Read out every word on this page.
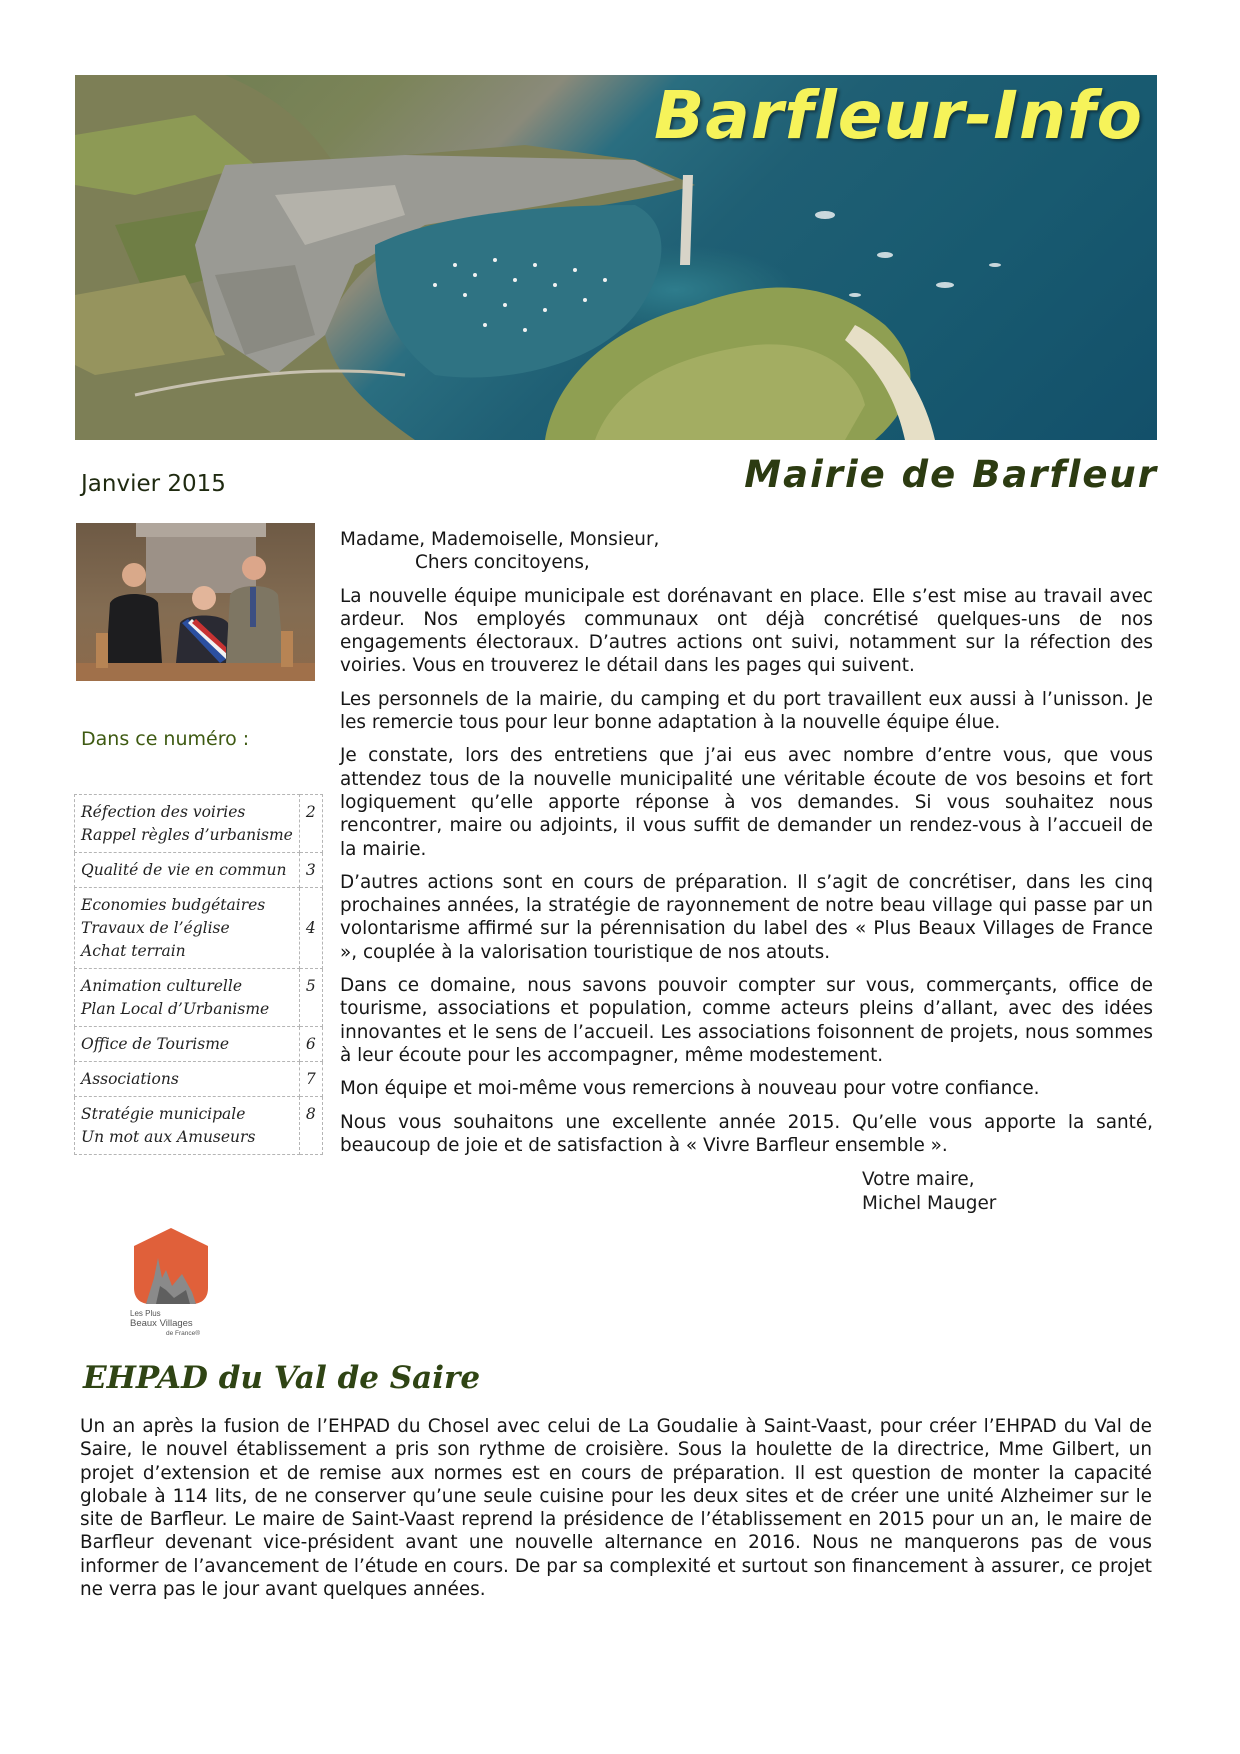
Barfleur-Info
Janvier 2015	Mairie de Barfleur
Dans ce numéro :
Réfection des voiries
Rappel règles d’urbanisme	2

Qualité de vie en commun	3

Economies budgétaires
Travaux de l’église
Achat terrain	4

Animation culturelle
Plan Local d’Urbanisme	5

Office de Tourisme	6

Associations	7

Stratégie municipale
Un mot aux Amuseurs	8
Les Plus
Beaux Villages
de France®

Madame, Mademoiselle, Monsieur,

Chers concitoyens,

La nouvelle équipe municipale est dorénavant en place. Elle s’est mise au travail avec ardeur. Nos employés communaux ont déjà concrétisé quelques-uns de nos engagements électoraux. D’autres actions ont suivi, notamment sur la réfection des voiries. Vous en trouverez le détail dans les pages qui suivent.

Les personnels de la mairie, du camping et du port travaillent eux aussi à l’unisson. Je les remercie tous pour leur bonne adaptation à la nouvelle équipe élue.

Je constate, lors des entretiens que j’ai eus avec nombre d’entre vous, que vous attendez tous de la nouvelle municipalité une véritable écoute de vos besoins et fort logiquement qu’elle apporte réponse à vos demandes. Si vous souhaitez nous rencontrer, maire ou adjoints, il vous suffit de demander un rendez-vous à l’accueil de la mairie.

D’autres actions sont en cours de préparation. Il s’agit de concrétiser, dans les cinq prochaines années, la stratégie de rayonnement de notre beau village qui passe par un volontarisme affirmé sur la pérennisation du label des « Plus Beaux Villages de France », couplée à la valorisation touristique de nos atouts.

Dans ce domaine, nous savons pouvoir compter sur vous, commerçants, office de tourisme, associations et population, comme acteurs pleins d’allant, avec des idées innovantes et le sens de l’accueil. Les associations foisonnent de projets, nous sommes à leur écoute pour les accompagner, même modestement.

Mon équipe et moi-même vous remercions à nouveau pour votre confiance.

Nous vous souhaitons une excellente année 2015. Qu’elle vous apporte la santé, beaucoup de joie et de satisfaction à « Vivre Barfleur ensemble ».

Votre maire,
Michel Mauger
EHPAD du Val de Saire

Un an après la fusion de l’EHPAD du Chosel avec celui de La Goudalie à Saint-Vaast, pour créer l’EHPAD du Val de Saire, le nouvel établissement a pris son rythme de croisière. Sous la houlette de la directrice, Mme Gilbert, un projet d’extension et de remise aux normes est en cours de préparation. Il est question de monter la capacité globale à 114 lits, de ne conserver qu’une seule cuisine pour les deux sites et de créer une unité Alzheimer sur le site de Barfleur. Le maire de Saint-Vaast reprend la présidence de l’établissement en 2015 pour un an, le maire de Barfleur devenant vice-président avant une nouvelle alternance en 2016. Nous ne manquerons pas de vous informer de l’avancement de l’étude en cours. De par sa complexité et surtout son financement à assurer, ce projet ne verra pas le jour avant quelques années.
